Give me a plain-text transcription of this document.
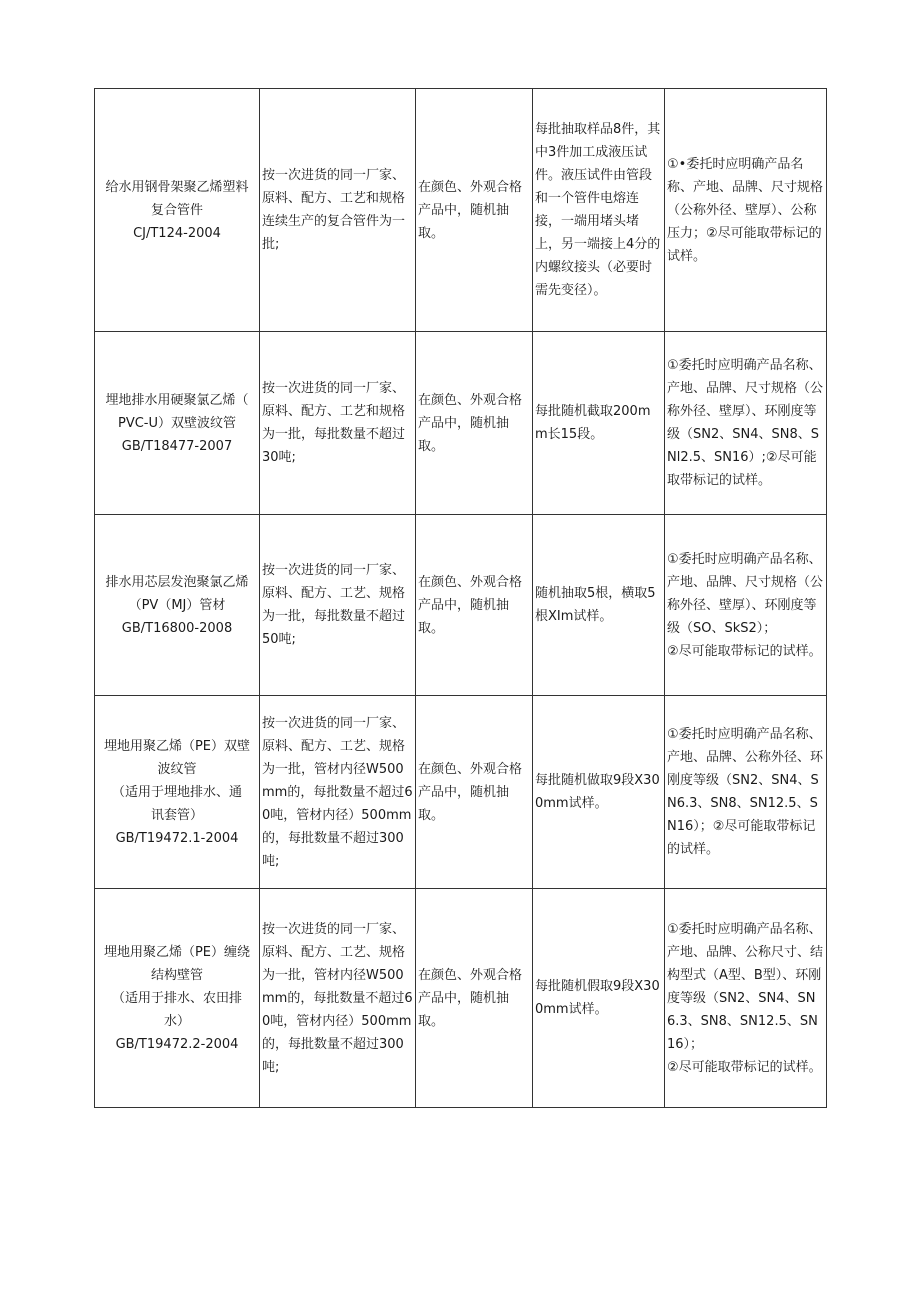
给水用钢骨架聚乙烯塑料
复合管件
CJ/T124-2004	按一次进货的同一厂家、原料、配方、工艺和规格连续生产的复合管件为一批;	在颜色、外观合格产品中，随机抽取。	每批抽取样品8件，其中3件加工成液压试件。液压试件由管段和一个管件电熔连接，一端用堵头堵上，另一端接上4分的内螺纹接头（必要时需先变径）。	①•委托时应明确产品名称、产地、品牌、尺寸规格（公称外径、壁厚）、公称压力；②尽可能取带标记的试样。

埋地排水用硬聚氯乙烯（
PVC-U）双壁波纹管
GB/T18477-2007	按一次进货的同一厂家、原料、配方、工艺和规格为一批，每批数量不超过30吨;	在颜色、外观合格产品中，随机抽取。	每批随机截取200mm长15段。	①委托时应明确产品名称、产地、品牌、尺寸规格（公称外径、壁厚）、环刚度等级（SN2、SN4、SN8、SNl2.5、SN16）;②尽可能取带标记的试样。

排水用芯层发泡聚氯乙烯
（PV（MJ）管材
GB/T16800-2008	按一次进货的同一厂家、原料、配方、工艺、规格为一批，每批数量不超过50吨;	在颜色、外观合格产品中，随机抽取。	随机抽取5根，横取5根XIm试样。	①委托时应明确产品名称、产地、品牌、尺寸规格（公称外径、壁厚）、环刚度等级（SO、SkS2）；
②尽可能取带标记的试样。

埋地用聚乙烯（PE）双壁
波纹管
（适用于埋地排水、通
讯套管）
GB/T19472.1-2004	按一次进货的同一厂家、原料、配方、工艺、规格为一批，管材内径W500mm的，每批数量不超过60吨，管材内径）500mm的，每批数量不超过300吨;	在颜色、外观合格产品中，随机抽取。	每批随机做取9段X300mm试样。	①委托时应明确产品名称、产地、品牌、公称外径、环刚度等级（SN2、SN4、SN6.3、SN8、SN12.5、SN16）；②尽可能取带标记的试样。

埋地用聚乙烯（PE）缠绕
结构壁管
（适用于排水、农田排
水）
GB/T19472.2-2004	按一次进货的同一厂家、原料、配方、工艺、规格为一批，管材内径W500mm的，每批数量不超过60吨，管材内径）500mm的，每批数量不超过300吨;	在颜色、外观合格产品中，随机抽取。	每批随机假取9段X300mm试样。	①委托时应明确产品名称、产地、品牌、公称尺寸、结构型式（A型、B型）、环刚度等级（SN2、SN4、SN6.3、SN8、SN12.5、SN16）；
②尽可能取带标记的试样。
